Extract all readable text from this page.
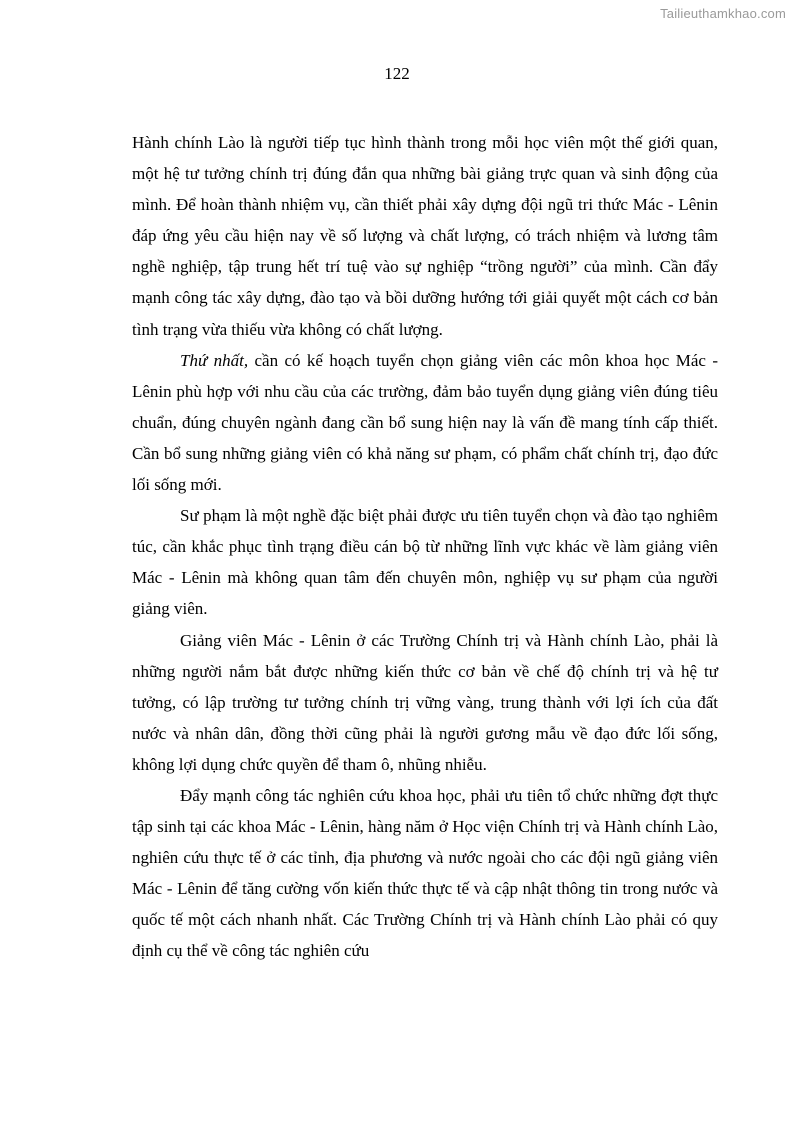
Tailieuthamkhao.com
122

Hành chính Lào là người tiếp tục hình thành trong mỗi học viên một thế giới quan, một hệ tư tưởng chính trị đúng đắn qua những bài giảng trực quan và sinh động của mình. Để hoàn thành nhiệm vụ, cần thiết phải xây dựng đội ngũ tri thức Mác - Lênin đáp ứng yêu cầu hiện nay về số lượng và chất lượng, có trách nhiệm và lương tâm nghề nghiệp, tập trung hết trí tuệ vào sự nghiệp “trồng người” của mình. Cần đẩy mạnh công tác xây dựng, đào tạo và bồi dưỡng hướng tới giải quyết một cách cơ bản tình trạng vừa thiếu vừa không có chất lượng.

Thứ nhất, cần có kế hoạch tuyển chọn giảng viên các môn khoa học Mác - Lênin phù hợp với nhu cầu của các trường, đảm bảo tuyển dụng giảng viên đúng tiêu chuẩn, đúng chuyên ngành đang cần bổ sung hiện nay là vấn đề mang tính cấp thiết. Cần bổ sung những giảng viên có khả năng sư phạm, có phẩm chất chính trị, đạo đức lối sống mới.

Sư phạm là một nghề đặc biệt phải được ưu tiên tuyển chọn và đào tạo nghiêm túc, cần khắc phục tình trạng điều cán bộ từ những lĩnh vực khác về làm giảng viên Mác - Lênin mà không quan tâm đến chuyên môn, nghiệp vụ sư phạm của người giảng viên.

Giảng viên Mác - Lênin ở các Trường Chính trị và Hành chính Lào, phải là những người nắm bắt được những kiến thức cơ bản về chế độ chính trị và hệ tư tưởng, có lập trường tư tưởng chính trị vững vàng, trung thành với lợi ích của đất nước và nhân dân, đồng thời cũng phải là người gương mẫu về đạo đức lối sống, không lợi dụng chức quyền để tham ô, nhũng nhiễu.

Đẩy mạnh công tác nghiên cứu khoa học, phải ưu tiên tổ chức những đợt thực tập sinh tại các khoa Mác - Lênin, hàng năm ở Học viện Chính trị và Hành chính Lào, nghiên cứu thực tế ở các tỉnh, địa phương và nước ngoài cho các đội ngũ giảng viên Mác - Lênin để tăng cường vốn kiến thức thực tế và cập nhật thông tin trong nước và quốc tế một cách nhanh nhất. Các Trường Chính trị và Hành chính Lào phải có quy định cụ thể về công tác nghiên cứu
